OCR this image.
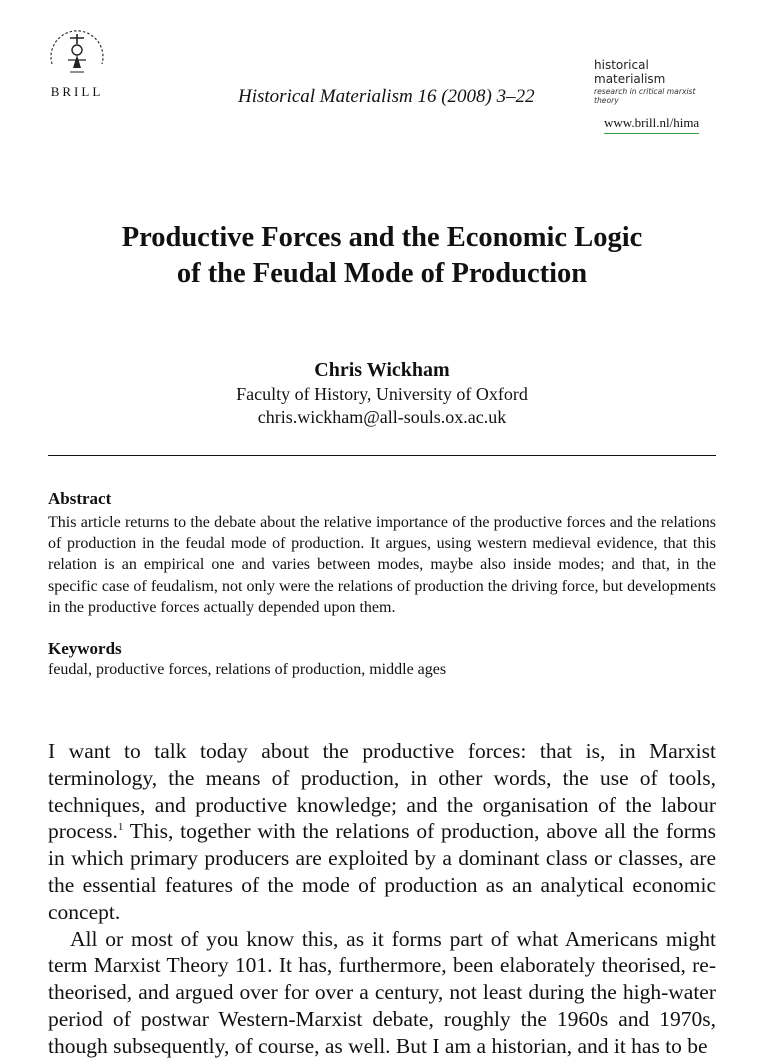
BRILL	Historical Materialism 16 (2008) 3–22
historical materialism
research in critical marxist theory
www.brill.nl/hima
Productive Forces and the Economic Logic
of the Feudal Mode of Production
Chris Wickham
Faculty of History, University of Oxford
chris.wickham@all-souls.ox.ac.uk
Abstract
This article returns to the debate about the relative importance of the productive forces and the relations of production in the feudal mode of production. It argues, using western medieval evidence, that this relation is an empirical one and varies between modes, maybe also inside modes; and that, in the specific case of feudalism, not only were the relations of production the driving force, but developments in the productive forces actually depended upon them.
Keywords
feudal, productive forces, relations of production, middle ages

I want to talk today about the productive forces: that is, in Marxist terminology, the means of production, in other words, the use of tools, techniques, and productive knowledge; and the organisation of the labour process.$^1$ This, together with the relations of production, above all the forms in which primary producers are exploited by a dominant class or classes, are the essential features of the mode of production as an analytical economic concept.

All or most of you know this, as it forms part of what Americans might term Marxist Theory 101. It has, furthermore, been elaborately theorised, re-theorised, and argued over for over a century, not least during the high-water period of postwar Western-Marxist debate, roughly the 1960s and 1970s, though subsequently, of course, as well. But I am a historian, and it has to be
